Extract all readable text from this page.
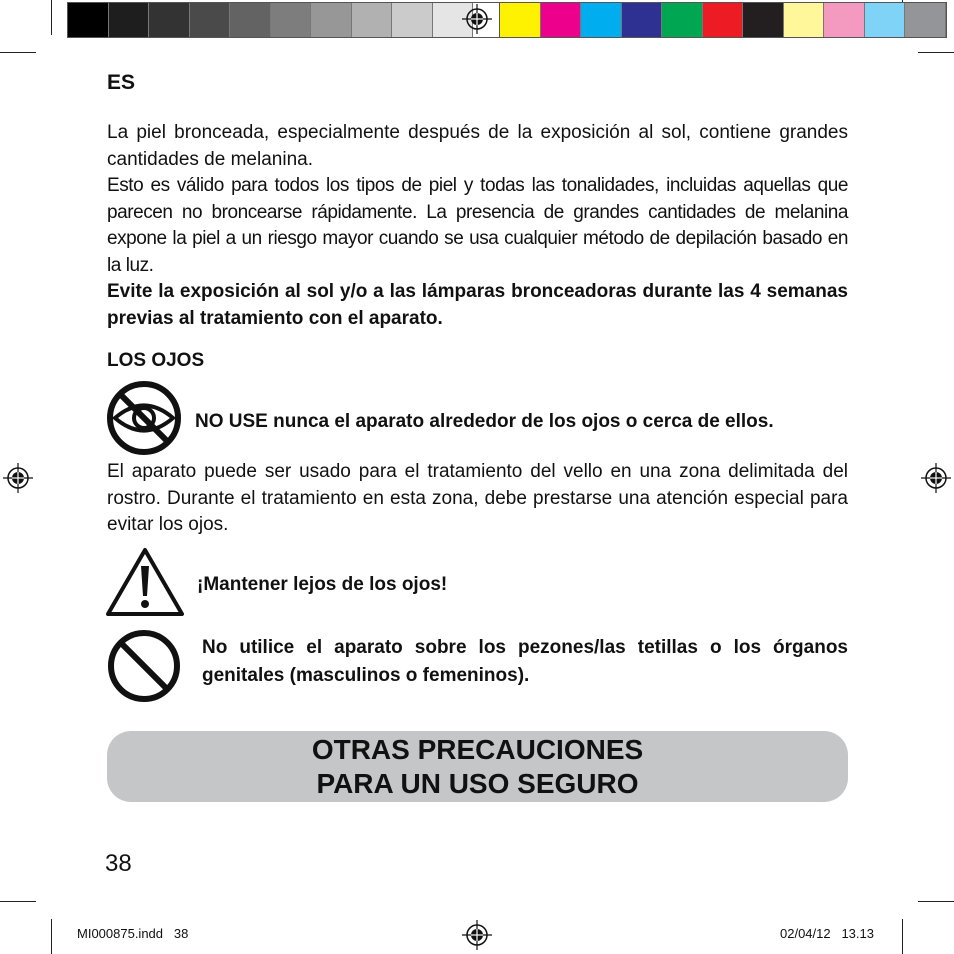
ES
La piel bronceada, especialmente después de la exposición al sol, contiene grandes cantidades de melanina.
Esto es válido para todos los tipos de piel y todas las tonalidades, incluidas aquellas que parecen no broncearse rápidamente. La presencia de grandes cantidades de melanina expone la piel a un riesgo mayor cuando se usa cualquier método de depilación basado en la luz.
Evite la exposición al sol y/o a las lámparas bronceadoras durante las 4 semanas previas al tratamiento con el aparato.
LOS OJOS
NO USE nunca el aparato alrededor de los ojos o cerca de ellos.
El aparato puede ser usado para el tratamiento del vello en una zona delimitada del rostro. Durante el tratamiento en esta zona, debe prestarse una atención especial para evitar los ojos.
¡Mantener lejos de los ojos!
No utilice el aparato sobre los pezones/las tetillas o los órganos genitales (masculinos o femeninos).
OTRAS PRECAUCIONES
PARA UN USO SEGURO
38
MI000875.indd   38	02/04/12   13.13
